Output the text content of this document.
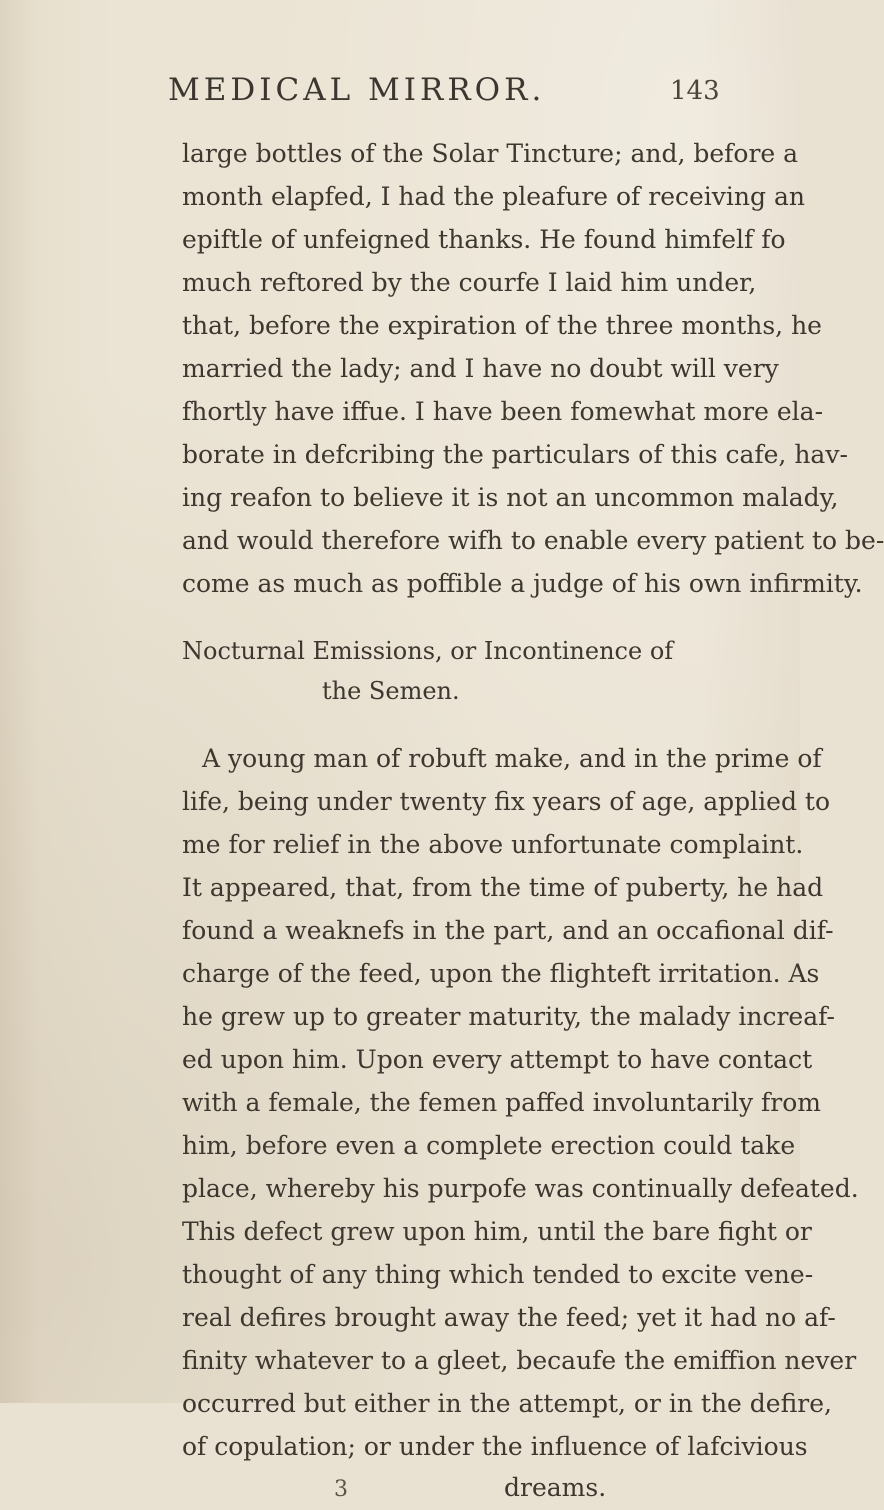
MEDICAL MIRROR.	143
large bottles of the Solar Tincture; and, before a
month elapfed, I had the pleafure of receiving an
epiftle of unfeigned thanks. He found himfelf fo
much reftored by the courfe I laid him under,
that, before the expiration of the three months, he
married the lady; and I have no doubt will very
fhortly have iffue. I have been fomewhat more ela-
borate in defcribing the particulars of this cafe, hav-
ing reafon to believe it is not an uncommon malady,
and would therefore wifh to enable every patient to be-
come as much as poffible a judge of his own infirmity.
Nocturnal Emissions, or Incontinence of
the Semen.
A young man of robuft make, and in the prime of
life, being under twenty fix years of age, applied to
me for relief in the above unfortunate complaint.
It appeared, that, from the time of puberty, he had
found a weaknefs in the part, and an occafional dif-
charge of the feed, upon the flighteft irritation. As
he grew up to greater maturity, the malady increaf-
ed upon him. Upon every attempt to have contact
with a female, the femen paffed involuntarily from
him, before even a complete erection could take
place, whereby his purpofe was continually defeated.
This defect grew upon him, until the bare fight or
thought of any thing which tended to excite vene-
real defires brought away the feed; yet it had no af-
finity whatever to a gleet, becaufe the emiffion never
occurred but either in the attempt, or in the defire,
of copulation; or under the influence of lafcivious
3	dreams.
